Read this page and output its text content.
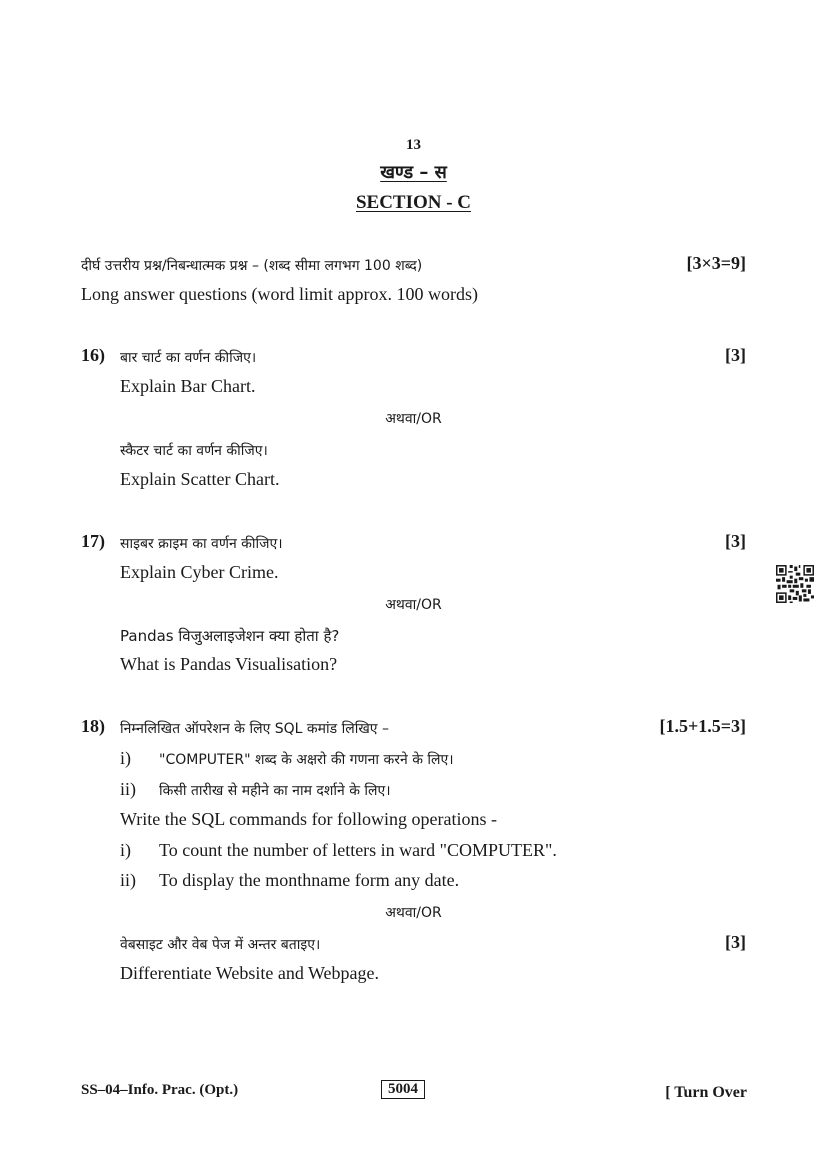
13
खण्ड – स
SECTION - C
दीर्घ उत्तरीय प्रश्न/निबन्धात्मक प्रश्न – (शब्द सीमा लगभग 100 शब्द)	[3×3=9]
Long answer questions (word limit approx. 100 words)
16) बार चार्ट का वर्णन कीजिए।	[3]
Explain Bar Chart.
अथवा/OR
स्कैटर चार्ट का वर्णन कीजिए।
Explain Scatter Chart.
17) साइबर क्राइम का वर्णन कीजिए।	[3]
Explain Cyber Crime.
अथवा/OR
Pandas विजुअलाइजेशन क्या होता है?
What is Pandas Visualisation?
18) निम्नलिखित ऑपरेशन के लिए SQL कमांड लिखिए –	[1.5+1.5=3]
i) "COMPUTER" शब्द के अक्षरो की गणना करने के लिए।
ii) किसी तारीख से महीने का नाम दर्शाने के लिए।
Write the SQL commands for following operations -
i) To count the number of letters in ward "COMPUTER".
ii) To display the monthname form any date.
अथवा/OR
वेबसाइट और वेब पेज में अन्तर बताइए।	[3]
Differentiate Website and Webpage.
SS–04–Info. Prac. (Opt.)	5004	[ Turn Over
